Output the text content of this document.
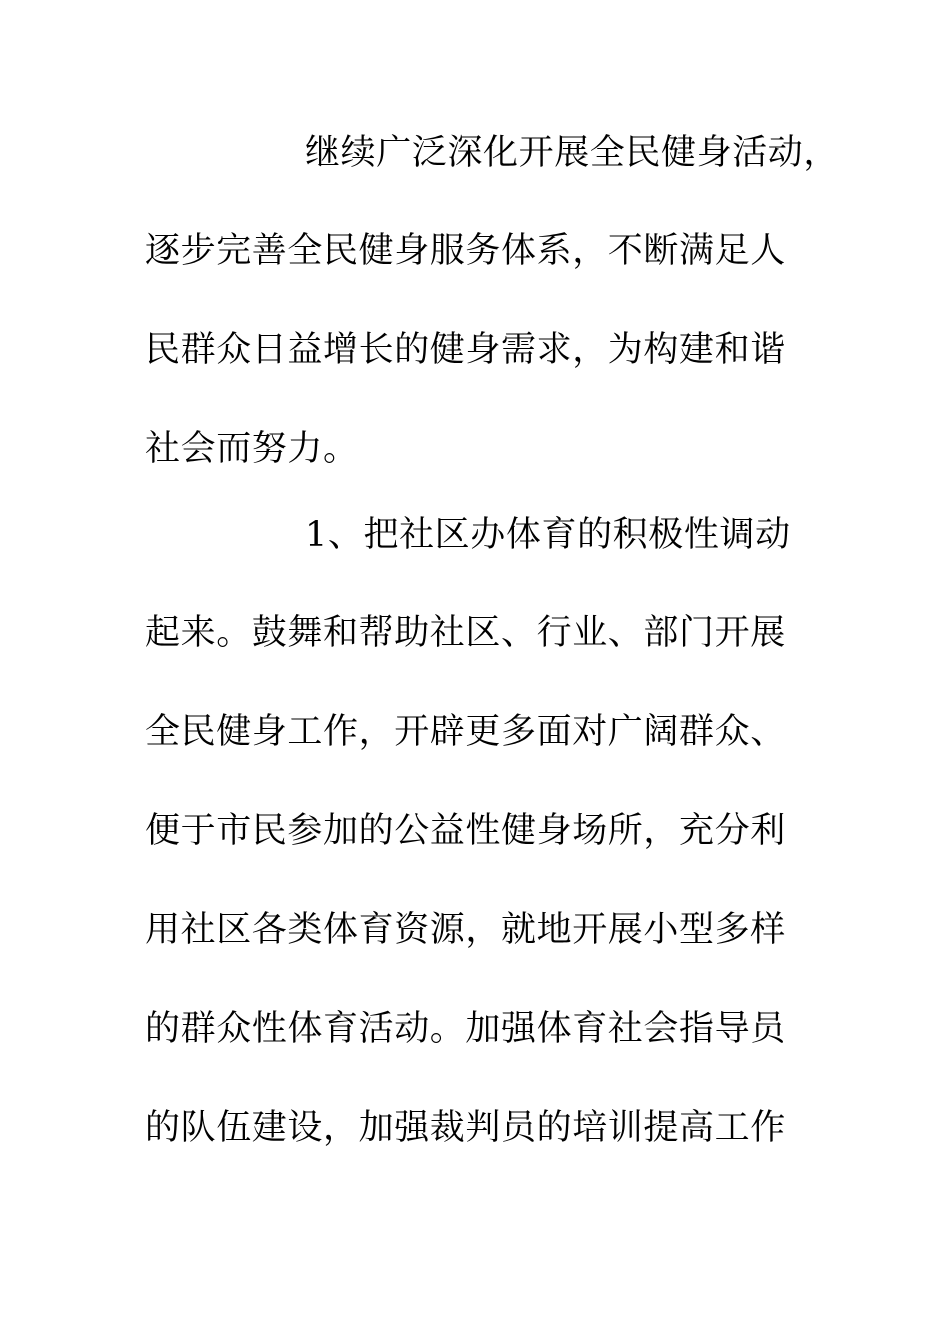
继续广泛深化开展全民健身活动，
逐步完善全民健身服务体系，不断满足人
民群众日益增长的健身需求，为构建和谐
社会而努力。
1、把社区办体育的积极性调动
起来。鼓舞和帮助社区、行业、部门开展
全民健身工作，开辟更多面对广阔群众、
便于市民参加的公益性健身场所，充分利
用社区各类体育资源，就地开展小型多样
的群众性体育活动。加强体育社会指导员
的队伍建设，加强裁判员的培训提高工作
